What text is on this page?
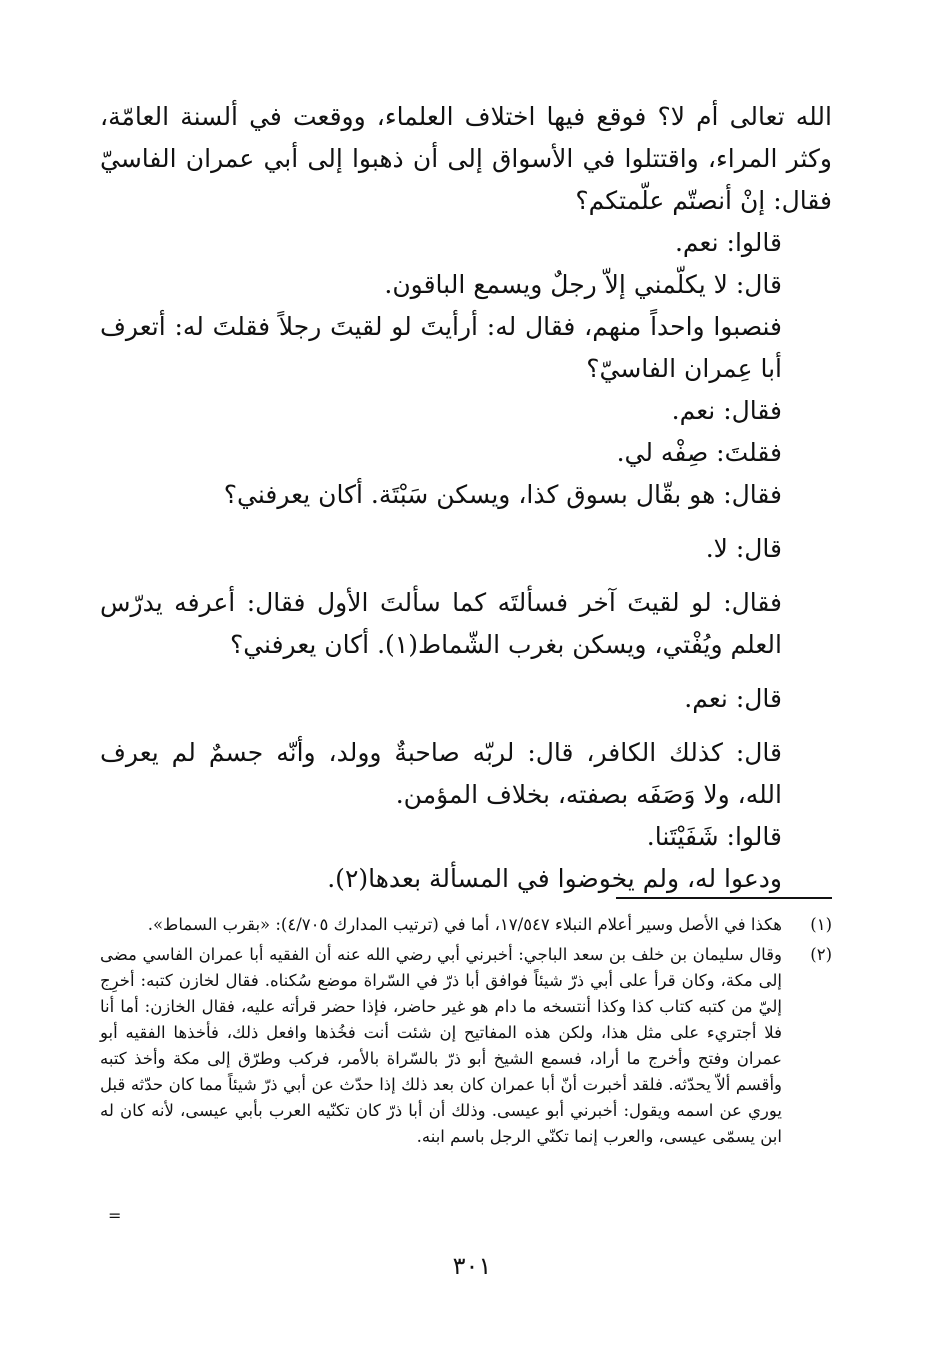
الله تعالى أم لا؟ فوقع فيها اختلاف العلماء، ووقعت في ألسنة العامّة، وكثر المراء، واقتتلوا في الأسواق إلى أن ذهبوا إلى أبي عمران الفاسيّ فقال: إنْ أنصتّم علّمتكم؟

قالوا: نعم.

قال: لا يكلّمني إلاّ رجلٌ ويسمع الباقون.

فنصبوا واحداً منهم، فقال له: أرأيتَ لو لقيتَ رجلاً فقلتَ له: أتعرف أبا عِمران الفاسيّ؟

فقال: نعم.

فقلتَ: صِفْه لي.

فقال: هو بقّال بسوق كذا، ويسكن سَبْتَة. أكان يعرفني؟

قال: لا.

فقال: لو لقيتَ آخر فسألتَه كما سألتَ الأول فقال: أعرفه يدرّس العلم ويُفْتي، ويسكن بغرب الشّماط(١). أكان يعرفني؟

قال: نعم.

قال: كذلك الكافر، قال: لربّه صاحبةٌ وولد، وأنّه جسمٌ لم يعرف الله، ولا وَصَفَه بصفته، بخلاف المؤمن.

قالوا: شَفَيْتَنا.

ودعوا له، ولم يخوضوا في المسألة بعدها(٢).

(١)
هكذا في الأصل وسير أعلام النبلاء ١٧/٥٤٧، أما في (ترتيب المدارك ٤/٧٠٥): «بقرب السماط».
(٢)
وقال سليمان بن خلف بن سعد الباجي: أخبرني أبي رضي الله عنه أن الفقيه أبا عمران الفاسي مضى إلى مكة، وكان قرأ على أبي ذرّ شيئاً فوافق أبا ذرّ في السّراة موضع سُكناه. فقال لخازن كتبه: أخرِج إليّ من كتبه كتاب كذا وكذا أنتسخه ما دام هو غير حاضر، فإذا حضر قرأته عليه، فقال الخازن: أما أنا فلا أجتريء على مثل هذا، ولكن هذه المفاتيح إن شئت أنت فخُذها وافعل ذلك، فأخذها الفقيه أبو عمران وفتح وأخرج ما أراد، فسمع الشيخ أبو ذرّ بالسّراة بالأمر، فركب وطرّق إلى مكة وأخذ كتبه وأقسم ألاّ يحدّثه. فلقد أخبرت أنّ أبا عمران كان بعد ذلك إذا حدّث عن أبي ذرّ شيئاً مما كان حدّثه قبل يوري عن اسمه ويقول: أخبرني أبو عيسى. وذلك أن أبا ذرّ كان تكنّيه العرب بأبي عيسى، لأنه كان له ابن يسمّى عيسى، والعرب إنما تكنّي الرجل باسم ابنه.
=
٣٠١
